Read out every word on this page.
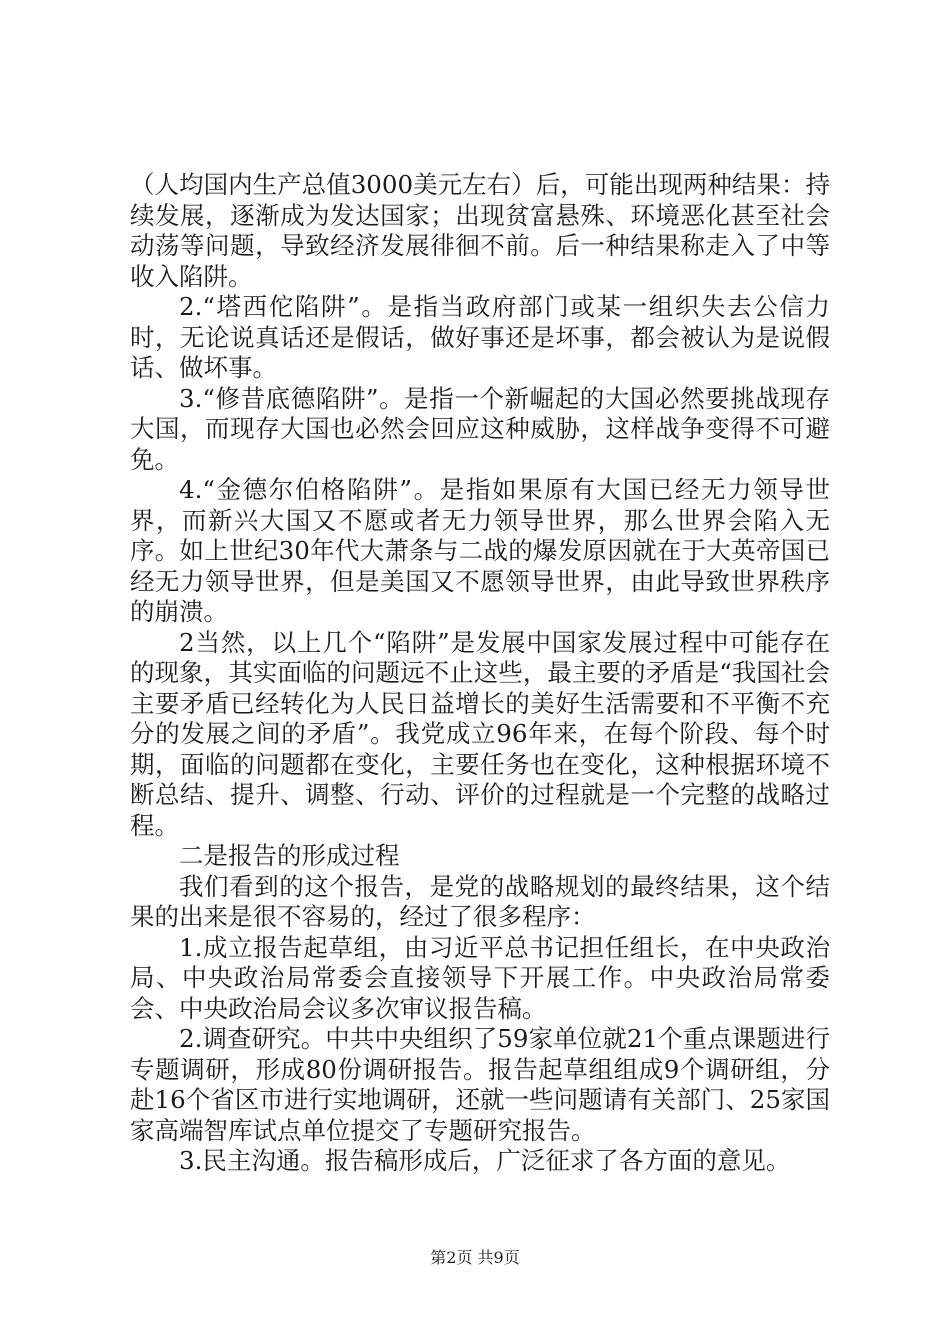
（人均国内生产总值3000美元左右）后，可能出现两种结果：持续发展，逐渐成为发达国家；出现贫富悬殊、环境恶化甚至社会动荡等问题，导致经济发展徘徊不前。后一种结果称走入了中等收入陷阱。

2.“塔西佗陷阱”。是指当政府部门或某一组织失去公信力时，无论说真话还是假话，做好事还是坏事，都会被认为是说假话、做坏事。

3.“修昔底德陷阱”。是指一个新崛起的大国必然要挑战现存大国，而现存大国也必然会回应这种威胁，这样战争变得不可避免。

4.“金德尔伯格陷阱”。是指如果原有大国已经无力领导世界，而新兴大国又不愿或者无力领导世界，那么世界会陷入无序。如上世纪30年代大萧条与二战的爆发原因就在于大英帝国已经无力领导世界，但是美国又不愿领导世界，由此导致世界秩序的崩溃。

2当然，以上几个“陷阱”是发展中国家发展过程中可能存在的现象，其实面临的问题远不止这些，最主要的矛盾是“我国社会主要矛盾已经转化为人民日益增长的美好生活需要和不平衡不充分的发展之间的矛盾”。我党成立96年来，在每个阶段、每个时期，面临的问题都在变化，主要任务也在变化，这种根据环境不断总结、提升、调整、行动、评价的过程就是一个完整的战略过程。

二是报告的形成过程

我们看到的这个报告，是党的战略规划的最终结果，这个结果的出来是很不容易的，经过了很多程序：

1.成立报告起草组，由习近平总书记担任组长，在中央政治局、中央政治局常委会直接领导下开展工作。中央政治局常委会、中央政治局会议多次审议报告稿。

2.调查研究。中共中央组织了59家单位就21个重点课题进行专题调研，形成80份调研报告。报告起草组组成9个调研组，分赴16个省区市进行实地调研，还就一些问题请有关部门、25家国家高端智库试点单位提交了专题研究报告。

3.民主沟通。报告稿形成后，广泛征求了各方面的意见。

第2页 共9页
